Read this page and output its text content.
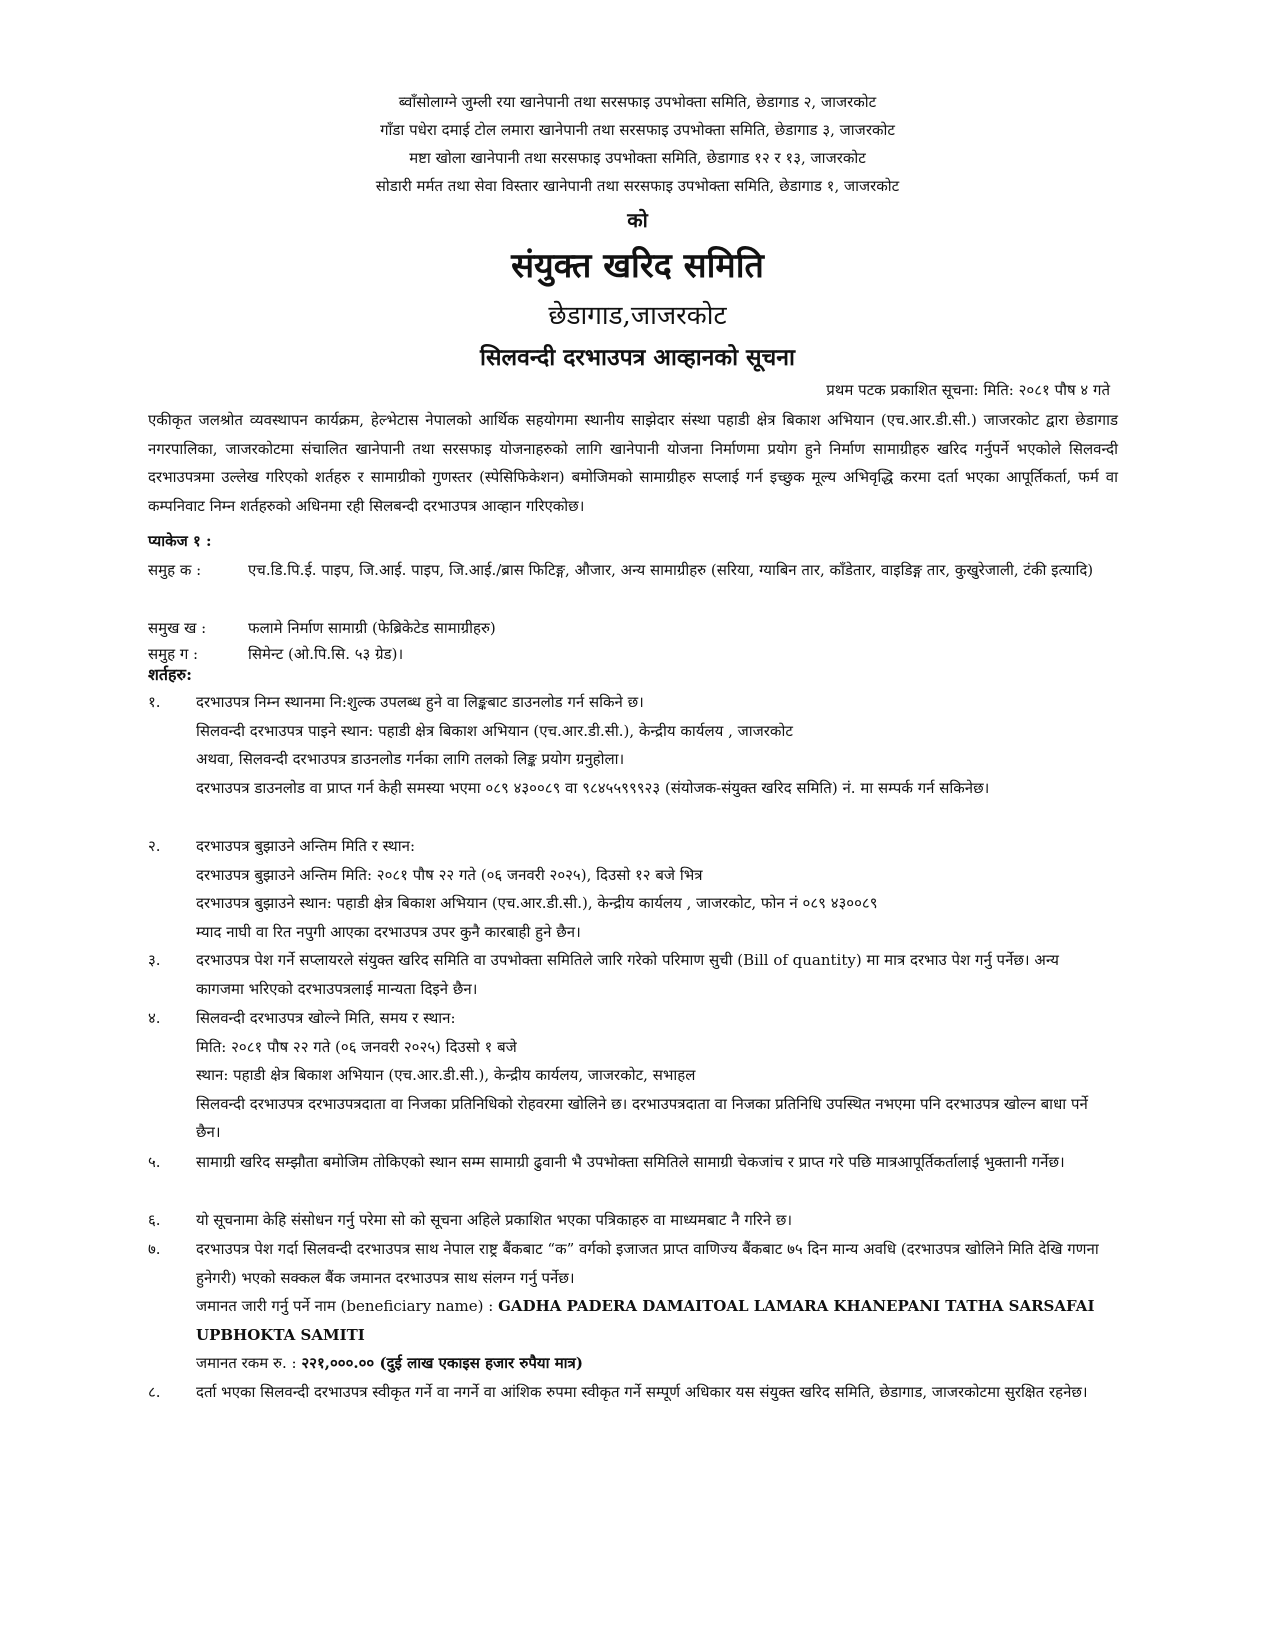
ब्वाँसोलाग्ने जुम्ली रया खानेपानी तथा सरसफाइ उपभोक्ता समिति, छेडागाड २, जाजरकोट
गाँडा पधेरा दमाई टोल लमारा खानेपानी तथा सरसफाइ उपभोक्ता समिति, छेडागाड ३, जाजरकोट
मष्टा खोला खानेपानी तथा सरसफाइ उपभोक्ता समिति, छेडागाड १२ र १३, जाजरकोट
सोडारी मर्मत तथा सेवा विस्तार खानेपानी तथा सरसफाइ उपभोक्ता समिति, छेडागाड १, जाजरकोट
को
संयुक्त खरिद समिति
छेडागाड,जाजरकोट
सिलवन्दी दरभाउपत्र आव्हानको सूचना
प्रथम पटक प्रकाशित सूचना: मिति: २०८१ पौष ४ गते
एकीकृत जलश्रोत व्यवस्थापन कार्यक्रम, हेल्भेटास नेपालको आर्थिक सहयोगमा स्थानीय साझेदार संस्था पहाडी क्षेत्र बिकाश अभियान (एच.आर.डी.सी.) जाजरकोट द्वारा छेडागाड नगरपालिका, जाजरकोटमा संचालित खानेपानी तथा सरसफाइ योजनाहरुको लागि खानेपानी योजना निर्माणमा प्रयोग हुने निर्माण सामाग्रीहरु खरिद गर्नुपर्ने भएकोले सिलवन्दी दरभाउपत्रमा उल्लेख गरिएको शर्तहरु र सामाग्रीको गुणस्तर (स्पेसिफिकेशन) बमोजिमको सामाग्रीहरु सप्लाई गर्न इच्छुक मूल्य अभिवृद्धि करमा दर्ता भएका आपूर्तिकर्ता, फर्म वा कम्पनिवाट निम्न शर्तहरुको अधिनमा रही सिलबन्दी दरभाउपत्र आव्हान गरिएकोछ।
प्याकेज १ :
समुह क :	एच.डि.पि.ई. पाइप, जि.आई. पाइप, जि.आई./ब्रास फिटिङ्ग, औजार, अन्य सामाग्रीहरु (सरिया, ग्याबिन तार, काँडेतार, वाइडिङ्ग तार, कुखुरेजाली, टंकी इत्यादि)
समुख ख :	फलामे निर्माण सामाग्री (फेब्रिकेटेड सामाग्रीहरु)
समुह ग :	सिमेन्ट (ओ.पि.सि. ५३ ग्रेड)।
शर्तहरु:
१.	दरभाउपत्र निम्न स्थानमा नि:शुल्क उपलब्ध हुने वा लिङ्कबाट डाउनलोड गर्न सकिने छ।

सिलवन्दी दरभाउपत्र पाइने स्थान: पहाडी क्षेत्र बिकाश अभियान (एच.आर.डी.सी.), केन्द्रीय कार्यलय , जाजरकोट

अथवा, सिलवन्दी दरभाउपत्र डाउनलोड गर्नका लागि तलको लिङ्क प्रयोग ग्रनुहोला।

दरभाउपत्र डाउनलोड वा प्राप्त गर्न केही समस्या भएमा ०८९ ४३००८९ वा ९८४५५९९९२३ (संयोजक-संयुक्त खरिद समिति) नं. मा सम्पर्क गर्न सकिनेछ।

२.	दरभाउपत्र बुझाउने अन्तिम मिति र स्थान:

दरभाउपत्र बुझाउने अन्तिम मिति: २०८१ पौष २२ गते (०६ जनवरी २०२५), दिउसो १२ बजे भित्र

दरभाउपत्र बुझाउने स्थान: पहाडी क्षेत्र बिकाश अभियान (एच.आर.डी.सी.), केन्द्रीय कार्यलय , जाजरकोट, फोन नं ०८९ ४३००८९

म्याद नाघी वा रित नपुगी आएका दरभाउपत्र उपर कुनै कारबाही हुने छैन।

३.	दरभाउपत्र पेश गर्ने सप्लायरले संयुक्त खरिद समिति वा उपभोक्ता समितिले जारि गरेको परिमाण सुची (Bill of quantity) मा मात्र दरभाउ पेश गर्नु पर्नेछ। अन्य कागजमा भरिएको दरभाउपत्रलाई मान्यता दिइने छैन।

४.	सिलवन्दी दरभाउपत्र खोल्ने मिति, समय र स्थान:

मिति: २०८१ पौष २२ गते (०६ जनवरी २०२५) दिउसो १ बजे

स्थान: पहाडी क्षेत्र बिकाश अभियान (एच.आर.डी.सी.), केन्द्रीय कार्यलय, जाजरकोट, सभाहल

सिलवन्दी दरभाउपत्र दरभाउपत्रदाता वा निजका प्रतिनिधिको रोहवरमा खोलिने छ। दरभाउपत्रदाता वा निजका प्रतिनिधि उपस्थित नभएमा पनि दरभाउपत्र खोल्न बाधा पर्ने छैन।

५.	सामाग्री खरिद सम्झौता बमोजिम तोकिएको स्थान सम्म सामाग्री ढुवानी भै उपभोक्ता समितिले सामाग्री चेकजांच र प्राप्त गरे पछि मात्रआपूर्तिकर्तालाई भुक्तानी गर्नेछ।

६.	यो सूचनामा केहि संसोधन गर्नु परेमा सो को सूचना अहिले प्रकाशित भएका पत्रिकाहरु वा माध्यमबाट नै गरिने छ।

७.	दरभाउपत्र पेश गर्दा सिलवन्दी दरभाउपत्र साथ नेपाल राष्ट्र बैंकबाट “क” वर्गको इजाजत प्राप्त वाणिज्य बैंकबाट ७५ दिन मान्य अवधि (दरभाउपत्र खोलिने मिति देखि गणना हुनेगरी) भएको सक्कल बैंक जमानत दरभाउपत्र साथ संलग्न गर्नु पर्नेछ।

जमानत जारी गर्नु पर्ने नाम (beneficiary name) : GADHA PADERA DAMAITOAL LAMARA KHANEPANI TATHA SARSAFAI UPBHOKTA SAMITI

जमानत रकम रु. : २२१,०००.०० (दुई लाख एकाइस हजार रुपैया मात्र)

८.	दर्ता भएका सिलवन्दी दरभाउपत्र स्वीकृत गर्ने वा नगर्ने वा आंशिक रुपमा स्वीकृत गर्ने सम्पूर्ण अधिकार यस संयुक्त खरिद समिति, छेडागाड, जाजरकोटमा सुरक्षित रहनेछ।
